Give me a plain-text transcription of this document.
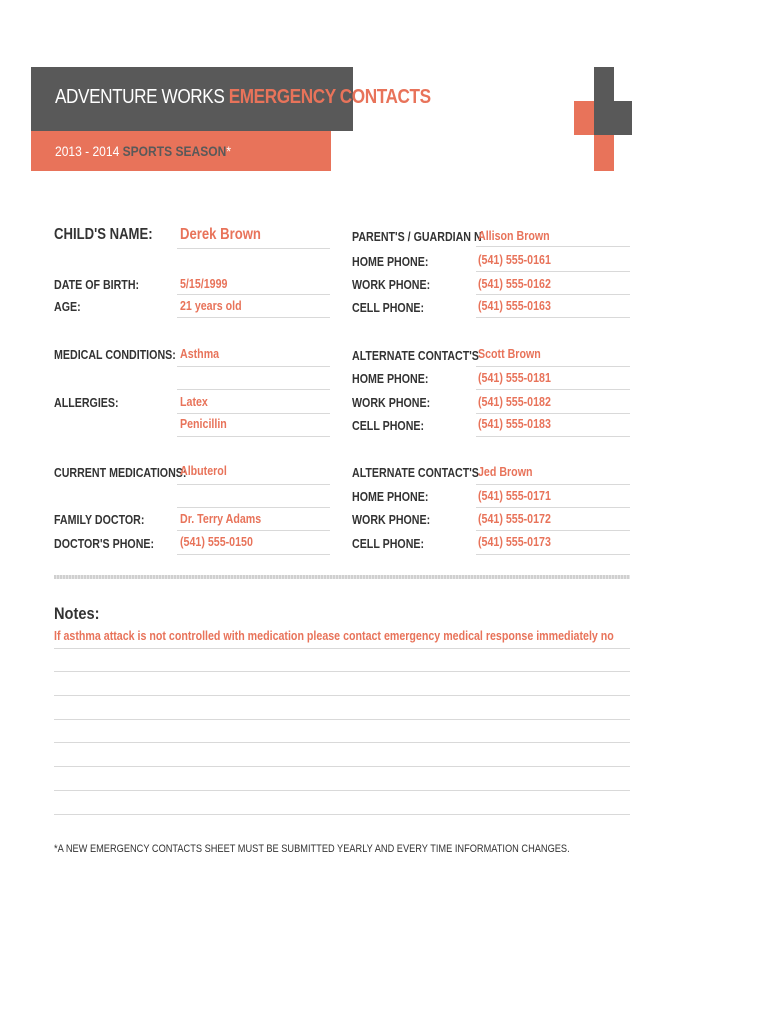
ADVENTURE WORKS EMERGENCY CONTACTS
2013 - 2014 SPORTS SEASON*
CHILD'S NAME: Derek Brown
DATE OF BIRTH:	5/15/1999
AGE:	21 years old
MEDICAL CONDITIONS: Asthma
ALLERGIES:	Latex
Penicillin
CURRENT MEDICATIONS:
Albuterol
FAMILY DOCTOR:	Dr. Terry Adams
DOCTOR'S PHONE: (541) 555-0150
PARENT'S / GUARDIAN N
Allison Brown
HOME PHONE:	(541) 555-0161
WORK PHONE:	(541) 555-0162
CELL PHONE:	(541) 555-0163
ALTERNATE CONTACT'S Scott Brown
HOME PHONE:	(541) 555-0181
WORK PHONE:	(541) 555-0182
CELL PHONE:	(541) 555-0183
ALTERNATE CONTACT'S Jed Brown
HOME PHONE:	(541) 555-0171
WORK PHONE:	(541) 555-0172
CELL PHONE:	(541) 555-0173
Notes:
If asthma attack is not controlled with medication please contact emergency medical response immediately no
*A NEW EMERGENCY CONTACTS SHEET MUST BE SUBMITTED YEARLY AND EVERY TIME INFORMATION CHANGES.
